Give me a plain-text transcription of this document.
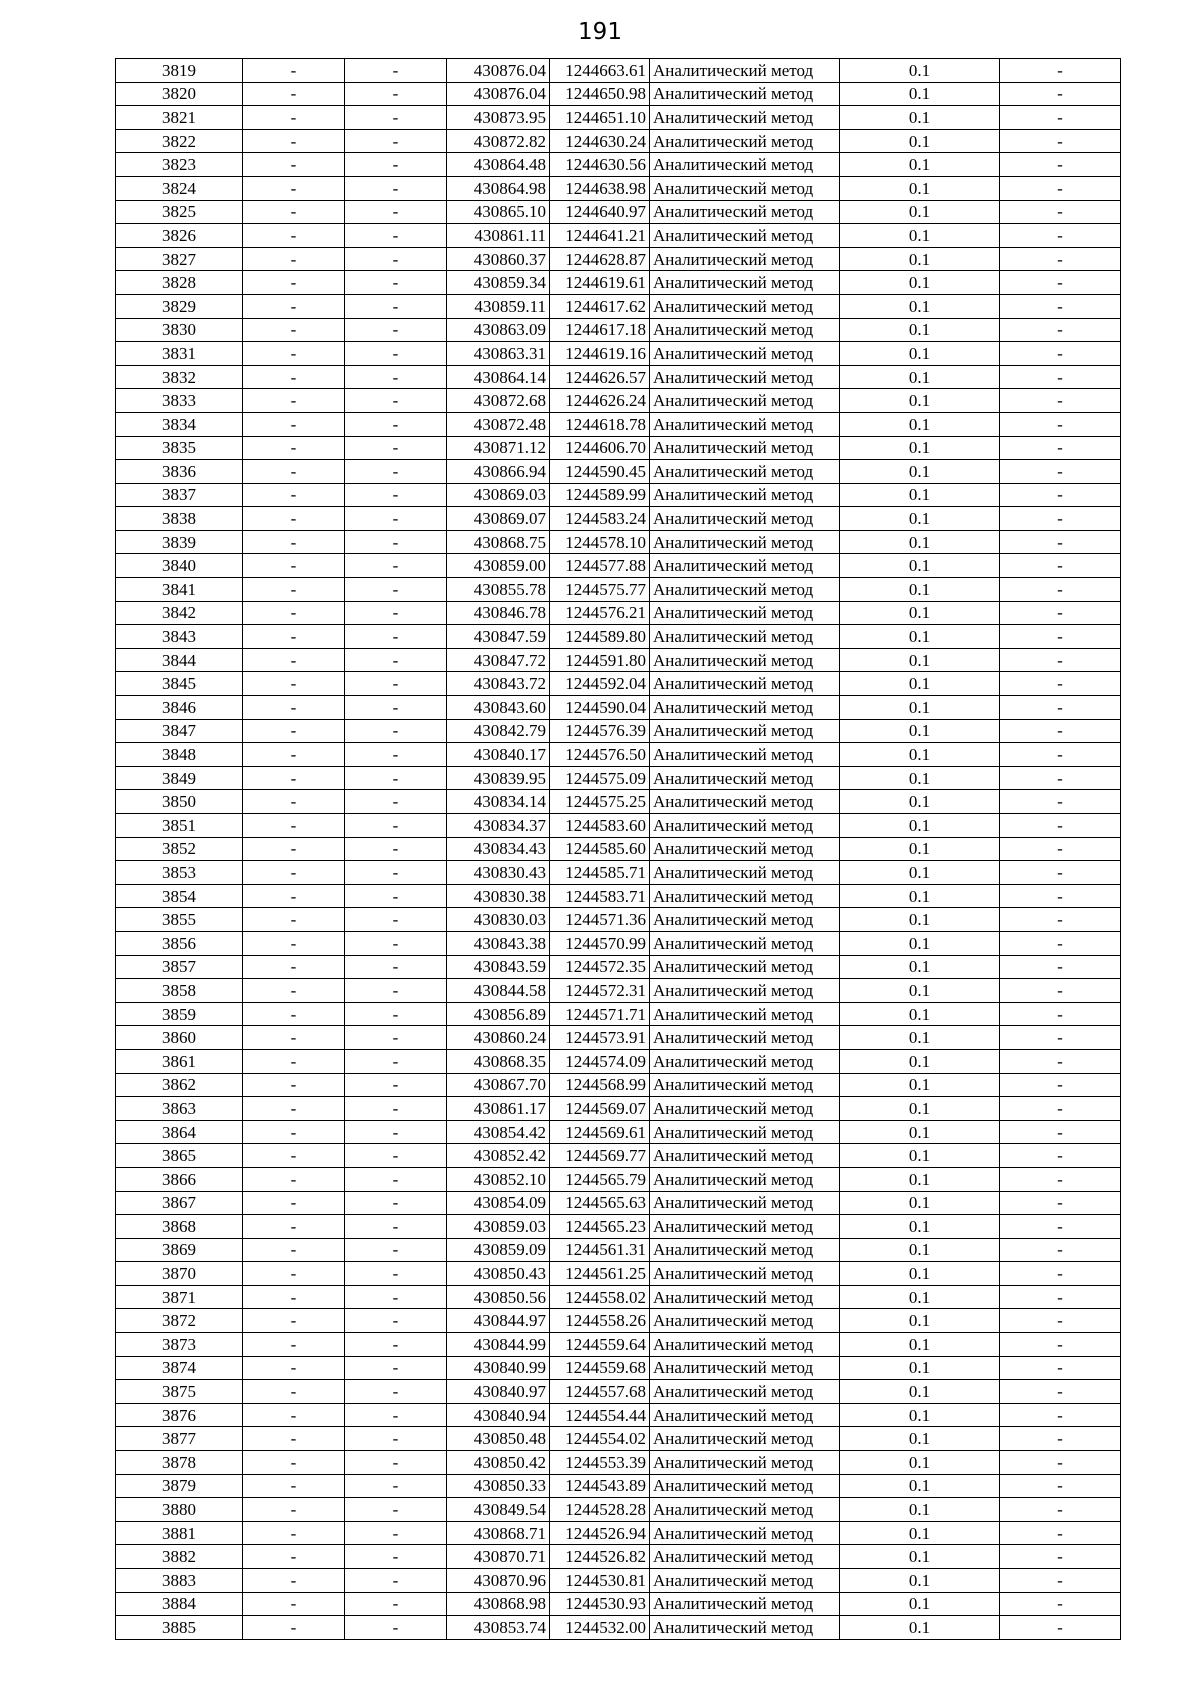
191
3819	-	-	430876.04	1244663.61	Аналитический метод	0.1	-
3820	-	-	430876.04	1244650.98	Аналитический метод	0.1	-
3821	-	-	430873.95	1244651.10	Аналитический метод	0.1	-
3822	-	-	430872.82	1244630.24	Аналитический метод	0.1	-
3823	-	-	430864.48	1244630.56	Аналитический метод	0.1	-
3824	-	-	430864.98	1244638.98	Аналитический метод	0.1	-
3825	-	-	430865.10	1244640.97	Аналитический метод	0.1	-
3826	-	-	430861.11	1244641.21	Аналитический метод	0.1	-
3827	-	-	430860.37	1244628.87	Аналитический метод	0.1	-
3828	-	-	430859.34	1244619.61	Аналитический метод	0.1	-
3829	-	-	430859.11	1244617.62	Аналитический метод	0.1	-
3830	-	-	430863.09	1244617.18	Аналитический метод	0.1	-
3831	-	-	430863.31	1244619.16	Аналитический метод	0.1	-
3832	-	-	430864.14	1244626.57	Аналитический метод	0.1	-
3833	-	-	430872.68	1244626.24	Аналитический метод	0.1	-
3834	-	-	430872.48	1244618.78	Аналитический метод	0.1	-
3835	-	-	430871.12	1244606.70	Аналитический метод	0.1	-
3836	-	-	430866.94	1244590.45	Аналитический метод	0.1	-
3837	-	-	430869.03	1244589.99	Аналитический метод	0.1	-
3838	-	-	430869.07	1244583.24	Аналитический метод	0.1	-
3839	-	-	430868.75	1244578.10	Аналитический метод	0.1	-
3840	-	-	430859.00	1244577.88	Аналитический метод	0.1	-
3841	-	-	430855.78	1244575.77	Аналитический метод	0.1	-
3842	-	-	430846.78	1244576.21	Аналитический метод	0.1	-
3843	-	-	430847.59	1244589.80	Аналитический метод	0.1	-
3844	-	-	430847.72	1244591.80	Аналитический метод	0.1	-
3845	-	-	430843.72	1244592.04	Аналитический метод	0.1	-
3846	-	-	430843.60	1244590.04	Аналитический метод	0.1	-
3847	-	-	430842.79	1244576.39	Аналитический метод	0.1	-
3848	-	-	430840.17	1244576.50	Аналитический метод	0.1	-
3849	-	-	430839.95	1244575.09	Аналитический метод	0.1	-
3850	-	-	430834.14	1244575.25	Аналитический метод	0.1	-
3851	-	-	430834.37	1244583.60	Аналитический метод	0.1	-
3852	-	-	430834.43	1244585.60	Аналитический метод	0.1	-
3853	-	-	430830.43	1244585.71	Аналитический метод	0.1	-
3854	-	-	430830.38	1244583.71	Аналитический метод	0.1	-
3855	-	-	430830.03	1244571.36	Аналитический метод	0.1	-
3856	-	-	430843.38	1244570.99	Аналитический метод	0.1	-
3857	-	-	430843.59	1244572.35	Аналитический метод	0.1	-
3858	-	-	430844.58	1244572.31	Аналитический метод	0.1	-
3859	-	-	430856.89	1244571.71	Аналитический метод	0.1	-
3860	-	-	430860.24	1244573.91	Аналитический метод	0.1	-
3861	-	-	430868.35	1244574.09	Аналитический метод	0.1	-
3862	-	-	430867.70	1244568.99	Аналитический метод	0.1	-
3863	-	-	430861.17	1244569.07	Аналитический метод	0.1	-
3864	-	-	430854.42	1244569.61	Аналитический метод	0.1	-
3865	-	-	430852.42	1244569.77	Аналитический метод	0.1	-
3866	-	-	430852.10	1244565.79	Аналитический метод	0.1	-
3867	-	-	430854.09	1244565.63	Аналитический метод	0.1	-
3868	-	-	430859.03	1244565.23	Аналитический метод	0.1	-
3869	-	-	430859.09	1244561.31	Аналитический метод	0.1	-
3870	-	-	430850.43	1244561.25	Аналитический метод	0.1	-
3871	-	-	430850.56	1244558.02	Аналитический метод	0.1	-
3872	-	-	430844.97	1244558.26	Аналитический метод	0.1	-
3873	-	-	430844.99	1244559.64	Аналитический метод	0.1	-
3874	-	-	430840.99	1244559.68	Аналитический метод	0.1	-
3875	-	-	430840.97	1244557.68	Аналитический метод	0.1	-
3876	-	-	430840.94	1244554.44	Аналитический метод	0.1	-
3877	-	-	430850.48	1244554.02	Аналитический метод	0.1	-
3878	-	-	430850.42	1244553.39	Аналитический метод	0.1	-
3879	-	-	430850.33	1244543.89	Аналитический метод	0.1	-
3880	-	-	430849.54	1244528.28	Аналитический метод	0.1	-
3881	-	-	430868.71	1244526.94	Аналитический метод	0.1	-
3882	-	-	430870.71	1244526.82	Аналитический метод	0.1	-
3883	-	-	430870.96	1244530.81	Аналитический метод	0.1	-
3884	-	-	430868.98	1244530.93	Аналитический метод	0.1	-
3885	-	-	430853.74	1244532.00	Аналитический метод	0.1	-
